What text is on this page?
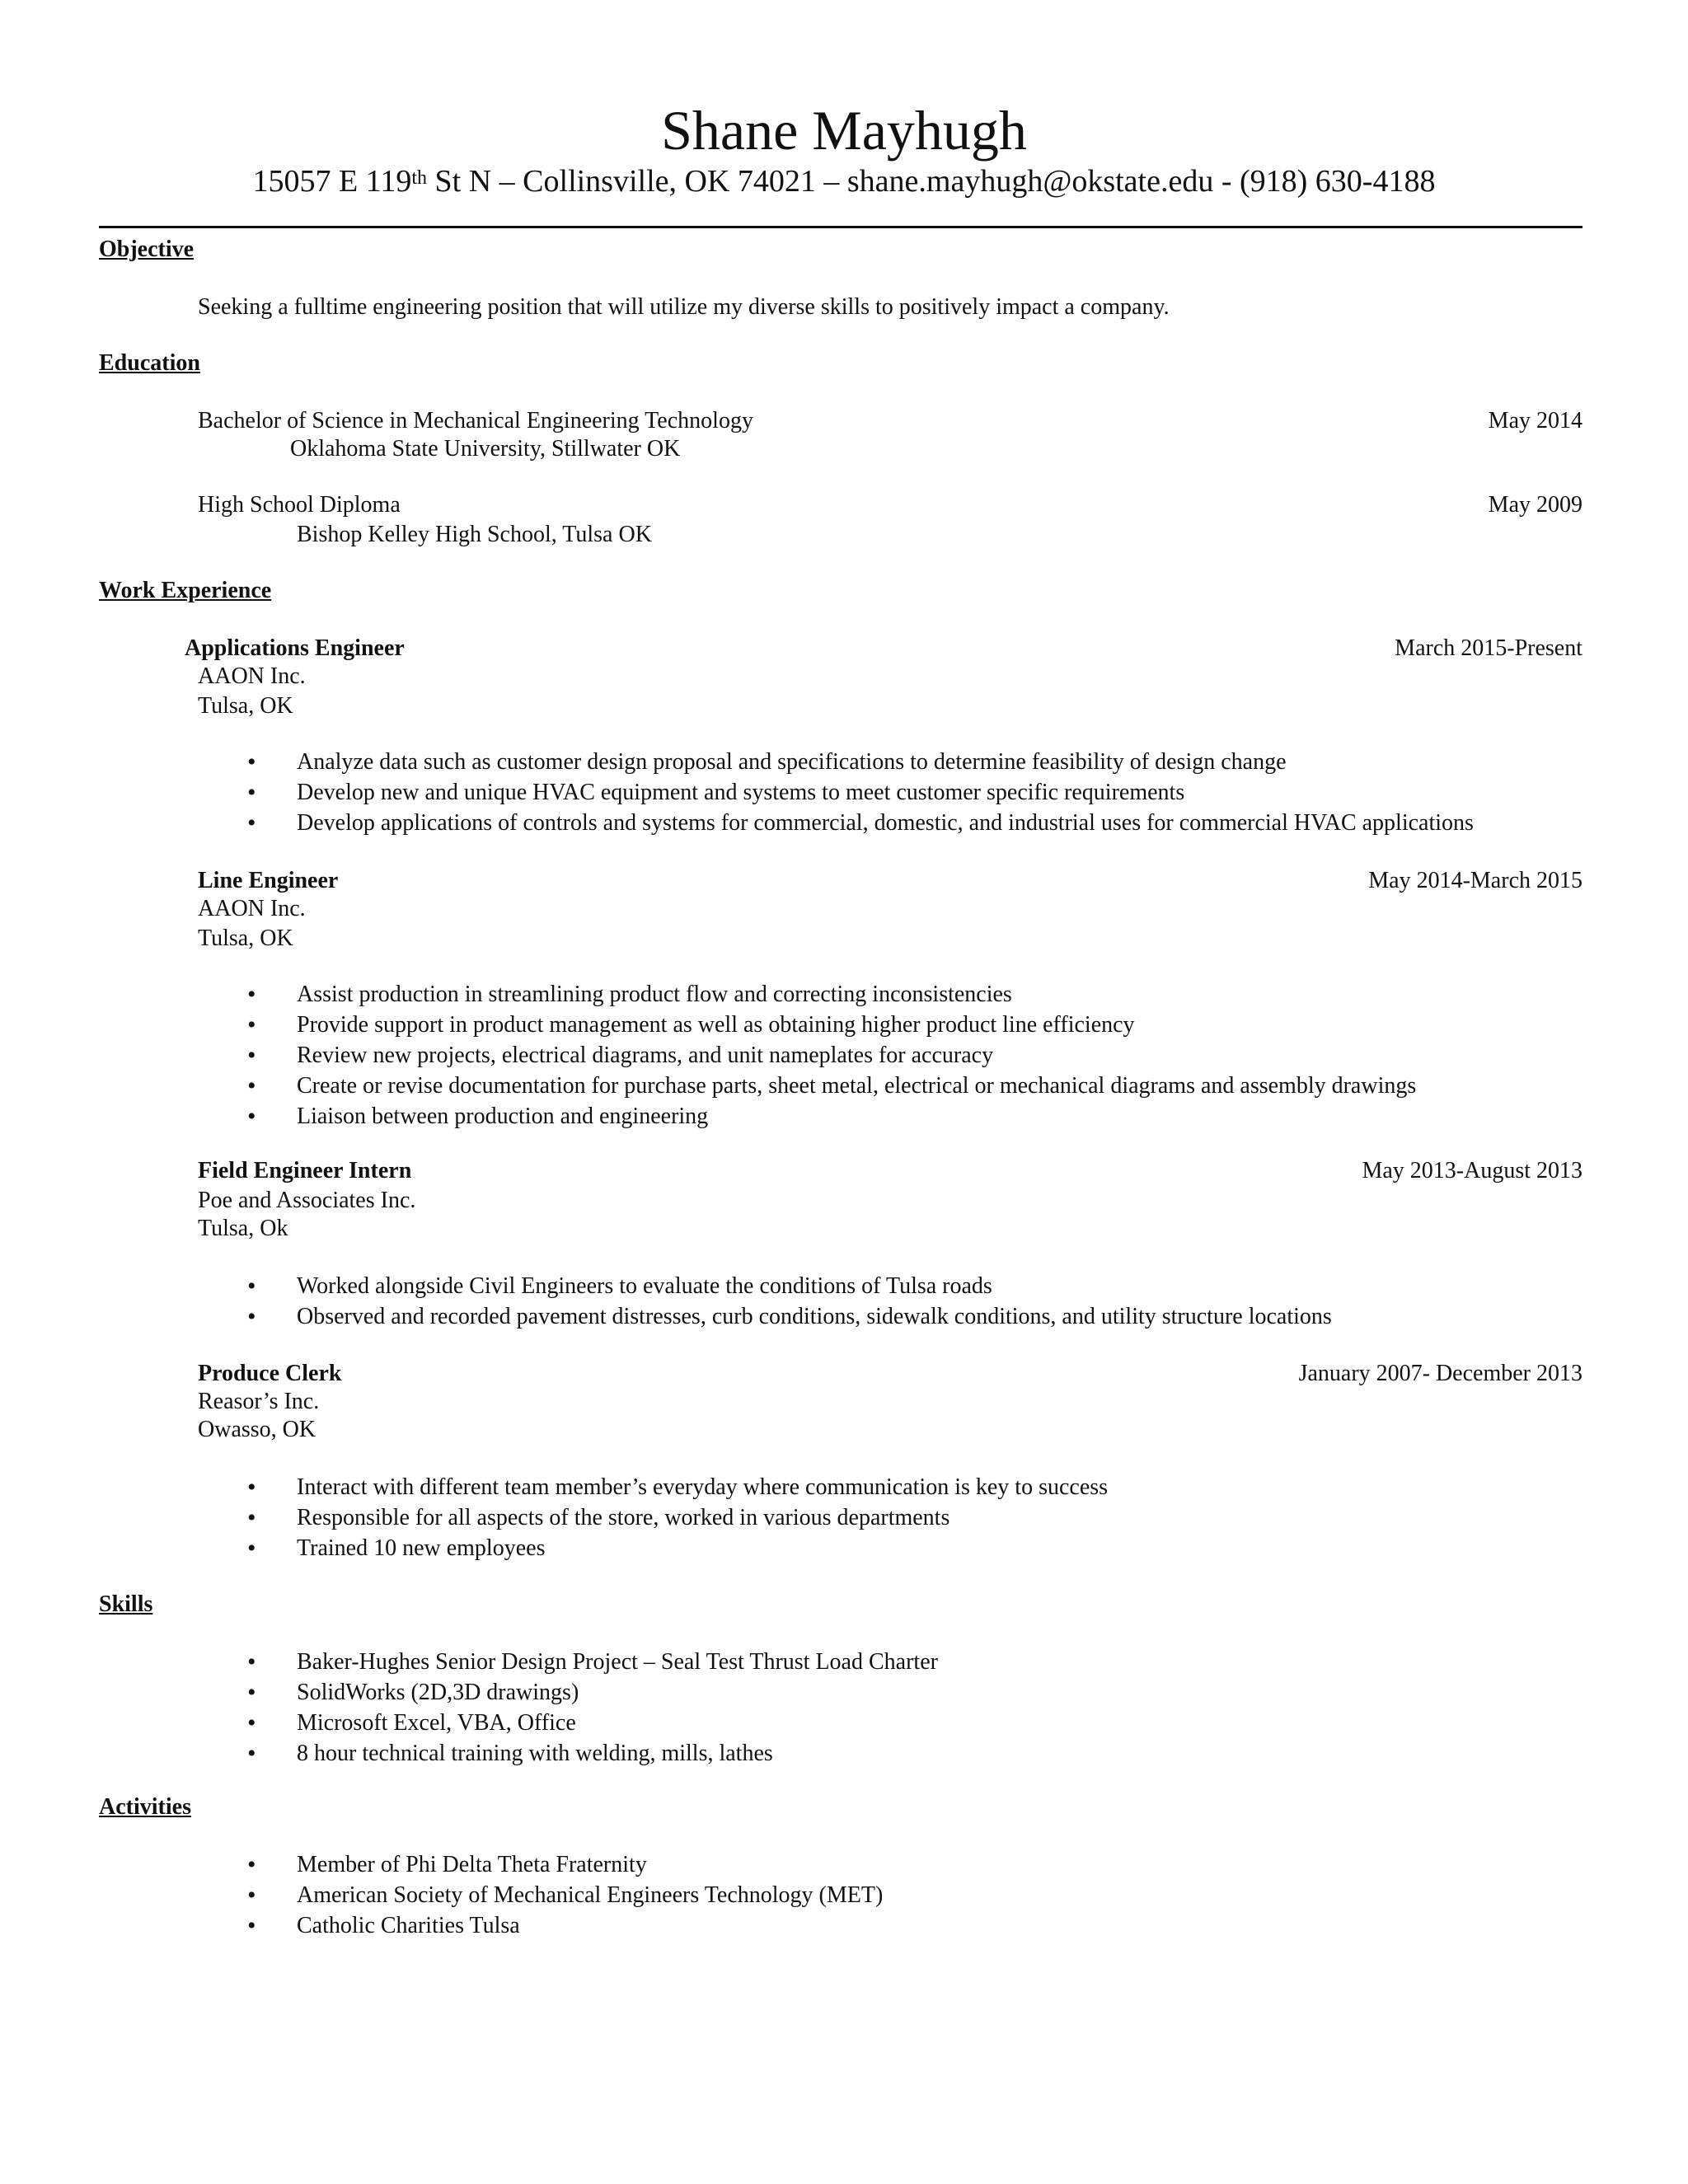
Shane Mayhugh
15057 E 119th St N – Collinsville, OK 74021 – shane.mayhugh@okstate.edu - (918) 630-4188
Objective
Seeking a fulltime engineering position that will utilize my diverse skills to positively impact a company.
Education
Bachelor of Science in Mechanical Engineering Technology	May 2014
Oklahoma State University, Stillwater OK
High School Diploma	May 2009
Bishop Kelley High School, Tulsa OK
Work Experience
Applications Engineer	March 2015-Present
AAON Inc.
Tulsa, OK
• Analyze data such as customer design proposal and specifications to determine feasibility of design change
• Develop new and unique HVAC equipment and systems to meet customer specific requirements
• Develop applications of controls and systems for commercial, domestic, and industrial uses for commercial HVAC applications
Line Engineer	May 2014-March 2015
AAON Inc.
Tulsa, OK
• Assist production in streamlining product flow and correcting inconsistencies
• Provide support in product management as well as obtaining higher product line efficiency
• Review new projects, electrical diagrams, and unit nameplates for accuracy
• Create or revise documentation for purchase parts, sheet metal, electrical or mechanical diagrams and assembly drawings
• Liaison between production and engineering
Field Engineer Intern	May 2013-August 2013
Poe and Associates Inc.
Tulsa, Ok
• Worked alongside Civil Engineers to evaluate the conditions of Tulsa roads
• Observed and recorded pavement distresses, curb conditions, sidewalk conditions, and utility structure locations
Produce Clerk	January 2007- December 2013
Reasor’s Inc.
Owasso, OK
• Interact with different team member’s everyday where communication is key to success
• Responsible for all aspects of the store, worked in various departments
• Trained 10 new employees
Skills
• Baker-Hughes Senior Design Project – Seal Test Thrust Load Charter
• SolidWorks (2D,3D drawings)
• Microsoft Excel, VBA, Office
• 8 hour technical training with welding, mills, lathes
Activities
• Member of Phi Delta Theta Fraternity
• American Society of Mechanical Engineers Technology (MET)
• Catholic Charities Tulsa
